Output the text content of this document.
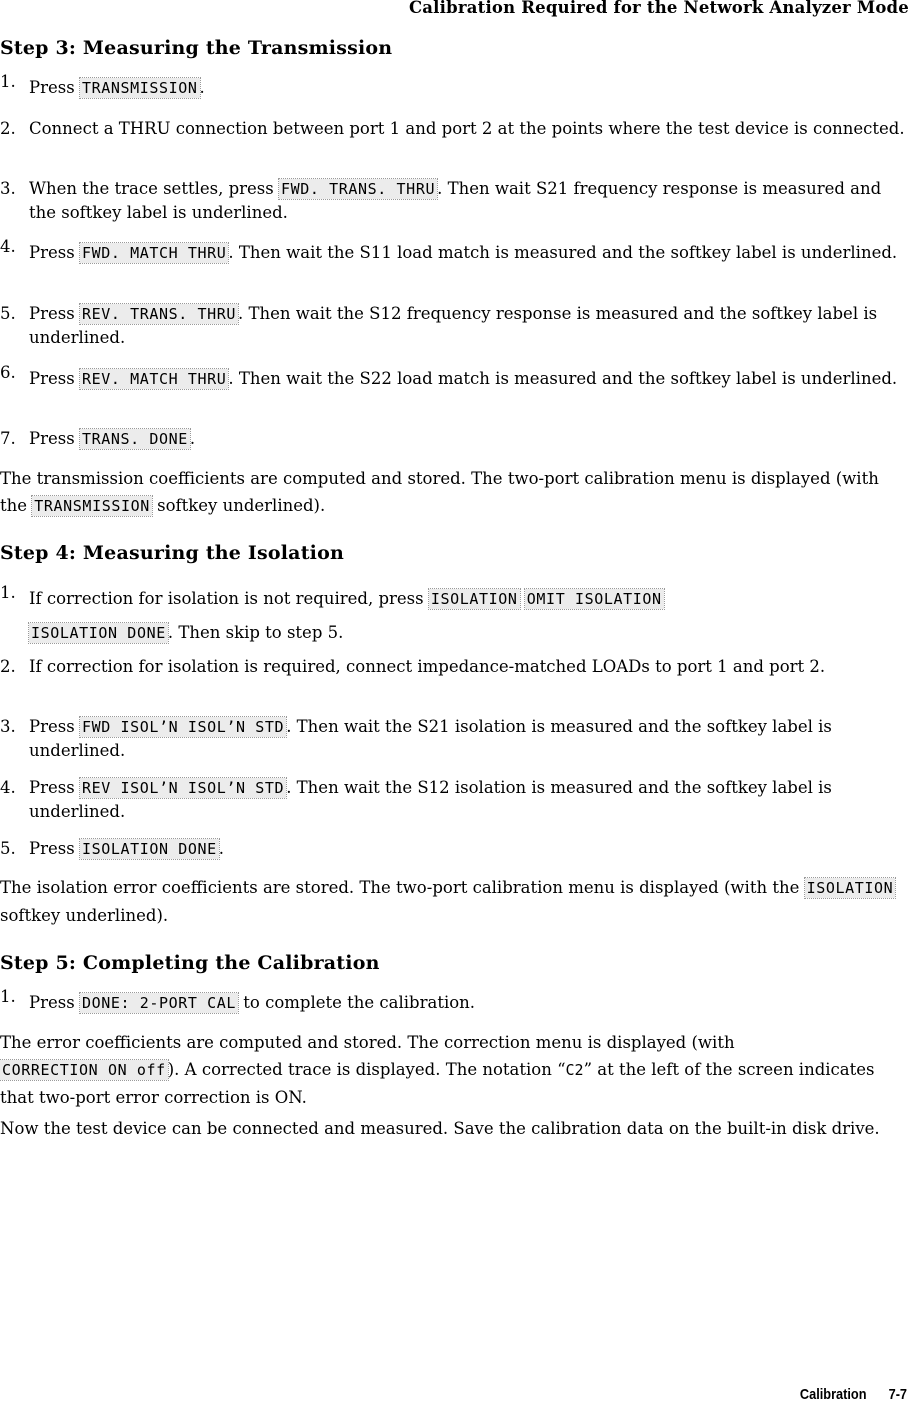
Calibration Required for the Network Analyzer Mode
Step 3: Measuring the Transmission
1. Press TRANSMISSION .
2. Connect a THRU connection between port 1 and port 2 at the points where the test device is connected.
3. When the trace settles, press FWD. TRANS. THRU . Then wait S21 frequency response is measured and the softkey label is underlined.
4. Press FWD. MATCH THRU . Then wait the S11 load match is measured and the softkey label is underlined.
5. Press REV. TRANS. THRU . Then wait the S12 frequency response is measured and the softkey label is underlined.
6. Press REV. MATCH THRU . Then wait the S22 load match is measured and the softkey label is underlined.
7. Press TRANS. DONE .
The transmission coefficients are computed and stored. The two-port calibration menu is displayed (with the TRANSMISSION softkey underlined).
Step 4: Measuring the Isolation
1. If correction for isolation is not required, press ISOLATION OMIT ISOLATION
ISOLATION DONE . Then skip to step 5.
2. If correction for isolation is required, connect impedance-matched LOADs to port 1 and port 2.
3. Press FWD ISOL’N ISOL’N STD . Then wait the S21 isolation is measured and the softkey label is underlined.
4. Press REV ISOL’N ISOL’N STD . Then wait the S12 isolation is measured and the softkey label is underlined.
5. Press ISOLATION DONE .
The isolation error coefficients are stored. The two-port calibration menu is displayed (with the ISOLATION softkey underlined).
Step 5: Completing the Calibration
1. Press DONE: 2-PORT CAL to complete the calibration.
The error coefficients are computed and stored. The correction menu is displayed (with CORRECTION ON off ). A corrected trace is displayed. The notation “C2” at the left of the screen indicates that two-port error correction is ON.
Now the test device can be connected and measured. Save the calibration data on the built-in disk drive.
Calibration 7-7
